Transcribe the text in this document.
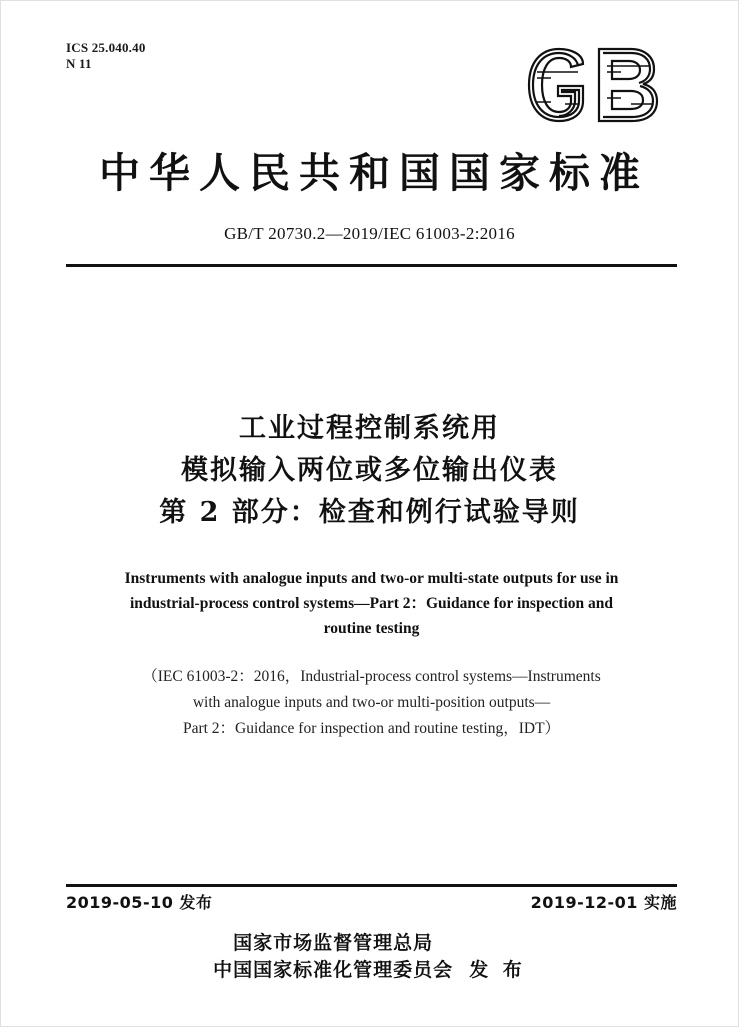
ICS 25.040.40
N 11
中华人民共和国国家标准
GB/T 20730.2—2019/IEC 61003-2:2016
工业过程控制系统用
模拟输入两位或多位输出仪表
第 2 部分：检查和例行试验导则
Instruments with analogue inputs and two-or multi-state outputs for use in
industrial-process control systems—Part 2：Guidance for inspection and
routine testing
（IEC 61003-2：2016，Industrial-process control systems—Instruments
with analogue inputs and two-or multi-position outputs—
Part 2：Guidance for inspection and routine testing，IDT）
2019-05-10 发布	2019-12-01 实施
国家市场监督管理总局
中国国家标准化管理委员会 发 布
